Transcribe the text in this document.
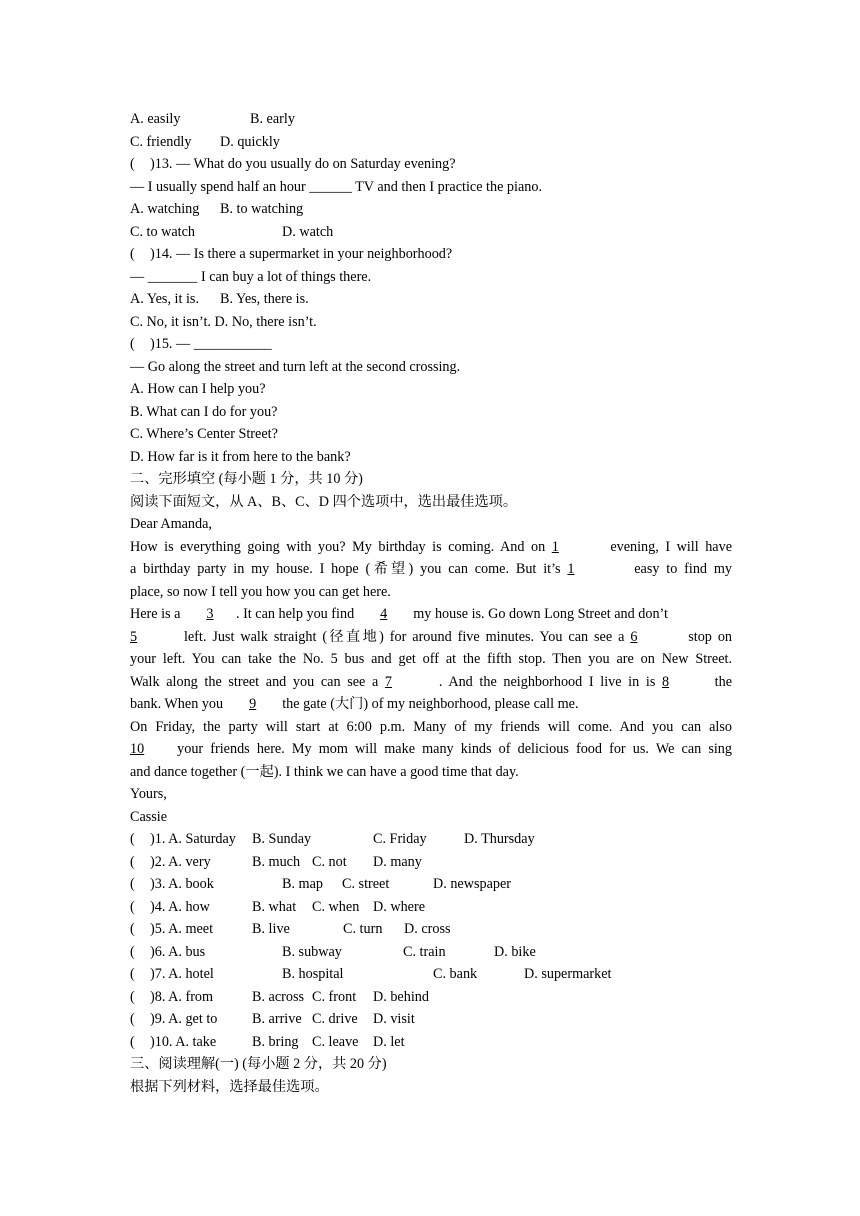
A. easily	B. early
C. friendly D. quickly
( )13. — What do you usually do on Saturday evening?
— I usually spend half an hour ______ TV and then I practice the piano.
A. watching B. to watching
C. to watch	D. watch
( )14. — Is there a supermarket in your neighborhood?
— _______ I can buy a lot of things there.
A. Yes, it is. B. Yes, there is.
C. No, it isn’t. D. No, there isn’t.
( )15. — ___________
— Go along the street and turn left at the second crossing.
A. How can I help you?
B. What can I do for you?
C. Where’s Center Street?
D. How far is it from here to the bank?
二、完形填空 (每小题 1 分，共 10 分)
阅读下面短文，从 A、B、C、D 四个选项中，选出最佳选项。
Dear Amanda,
How is everything going with you? My birthday is coming. And on 1	evening, I will have
a birthday party in my house. I hope (希望) you can come. But it’s 1	easy to find my
place, so now I tell you how you can get here.
Here is a 3 . It can help you find 4 my house is. Go down Long Street and don’t
5	left. Just walk straight (径直地) for around five minutes. You can see a 6	stop on
your left. You can take the No. 5 bus and get off at the fifth stop. Then you are on New Street.
Walk along the street and you can see a 7	. And the neighborhood I live in is 8	the
bank. When you 9 the gate (大门) of my neighborhood, please call me.
On Friday, the party will start at 6:00 p.m. Many of my friends will come. And you can also
10 your friends here. My mom will make many kinds of delicious food for us. We can sing
and dance together (一起). I think we can have a good time that day.
Yours,
Cassie
( )1. A. Saturday B. Sunday	C. Friday	D. Thursday
( )2. A. very	B. much C. not D. many
( )3. A. book	B. map C. street	D. newspaper
( )4. A. how	B. what C. when D. where
( )5. A. meet	B. live	C. turn D. cross
( )6. A. bus	B. subway	C. train	D. bike
( )7. A. hotel	B. hospital	C. bank	D. supermarket
( )8. A. from	B. across C. front D. behind
( )9. A. get to B. arrive C. drive D. visit
( )10. A. take	B. bring C. leave D. let
三、阅读理解(一) (每小题 2 分，共 20 分)
根据下列材料，选择最佳选项。
